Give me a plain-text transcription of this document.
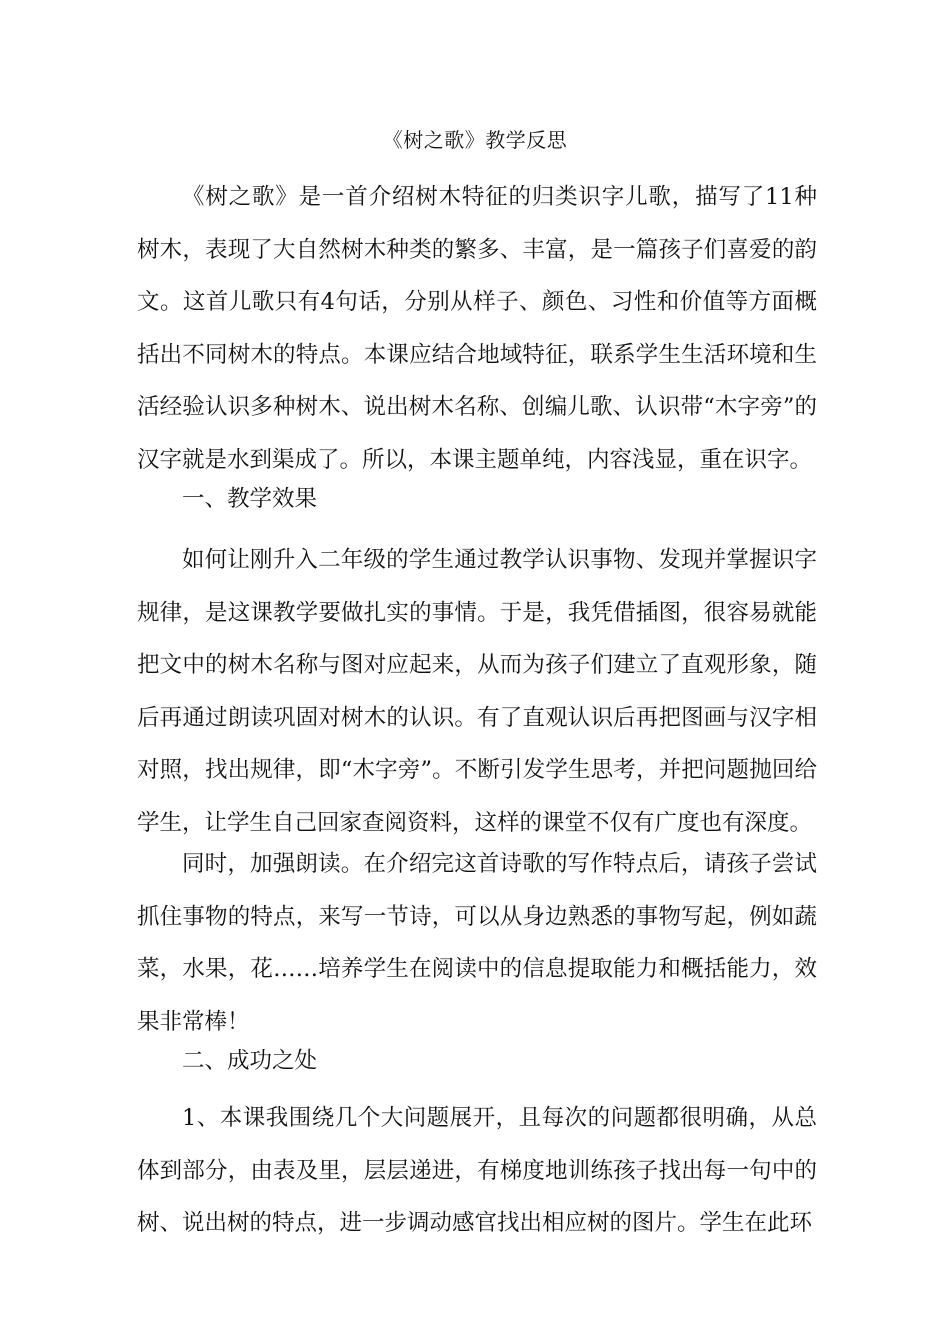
《树之歌》教学反思

《树之歌》是一首介绍树木特征的归类识字儿歌，描写了11种树木，表现了大自然树木种类的繁多、丰富，是一篇孩子们喜爱的韵文。这首儿歌只有4句话，分别从样子、颜色、习性和价值等方面概括出不同树木的特点。本课应结合地域特征，联系学生生活环境和生活经验认识多种树木、说出树木名称、创编儿歌、认识带“木字旁”的汉字就是水到渠成了。所以，本课主题单纯，内容浅显，重在识字。

一、教学效果

如何让刚升入二年级的学生通过教学认识事物、发现并掌握识字规律，是这课教学要做扎实的事情。于是，我凭借插图，很容易就能把文中的树木名称与图对应起来，从而为孩子们建立了直观形象，随后再通过朗读巩固对树木的认识。有了直观认识后再把图画与汉字相对照，找出规律，即“木字旁”。不断引发学生思考，并把问题抛回给学生，让学生自己回家查阅资料，这样的课堂不仅有广度也有深度。

同时，加强朗读。在介绍完这首诗歌的写作特点后，请孩子尝试抓住事物的特点，来写一节诗，可以从身边熟悉的事物写起，例如蔬菜，水果，花……培养学生在阅读中的信息提取能力和概括能力，效果非常棒！

二、成功之处

1、本课我围绕几个大问题展开，且每次的问题都很明确，从总体到部分，由表及里，层层递进，有梯度地训练孩子找出每一句中的树、说出树的特点，进一步调动感官找出相应树的图片。学生在此环
